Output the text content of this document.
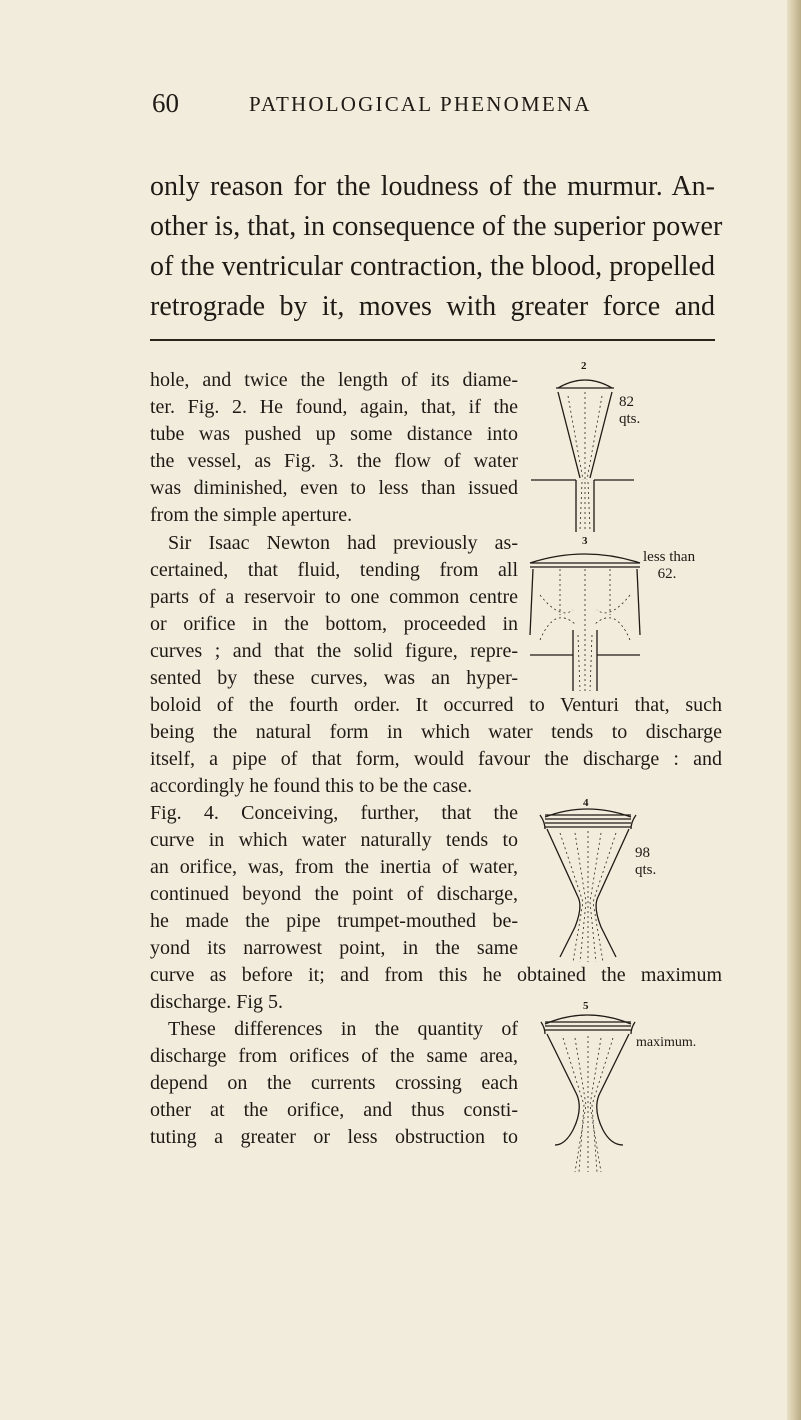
60	PATHOLOGICAL PHENOMENA
only reason for the loudness of the murmur. An-
other is, that, in consequence of the superior power
of the ventricular contraction, the blood, propelled
retrograde by it, moves with greater force and
hole, and twice the length of its diame-
ter. Fig. 2. He found, again, that, if the
tube was pushed up some distance into
the vessel, as Fig. 3. the flow of water
was diminished, even to less than issued
from the simple aperture.
Sir Isaac Newton had previously as-
certained, that fluid, tending from all
parts of a reservoir to one common centre
or orifice in the bottom, proceeded in
curves ; and that the solid figure, repre-
sented by these curves, was an hyper-
boloid of the fourth order. It occurred to Venturi that, such
being the natural form in which water tends to discharge
itself, a pipe of that form, would favour the discharge : and
accordingly he found this to be the case.
Fig. 4. Conceiving, further, that the
curve in which water naturally tends to
an orifice, was, from the inertia of water,
continued beyond the point of discharge,
he made the pipe trumpet-mouthed be-
yond its narrowest point, in the same
curve as before it; and from this he obtained the maximum
discharge. Fig 5.
These differences in the quantity of
discharge from orifices of the same area,
depend on the currents crossing each
other at the orifice, and thus consti-
tuting a greater or less obstruction to
2
82 qts.
3
less than
62.
4
98 qts.
5
maximum.
